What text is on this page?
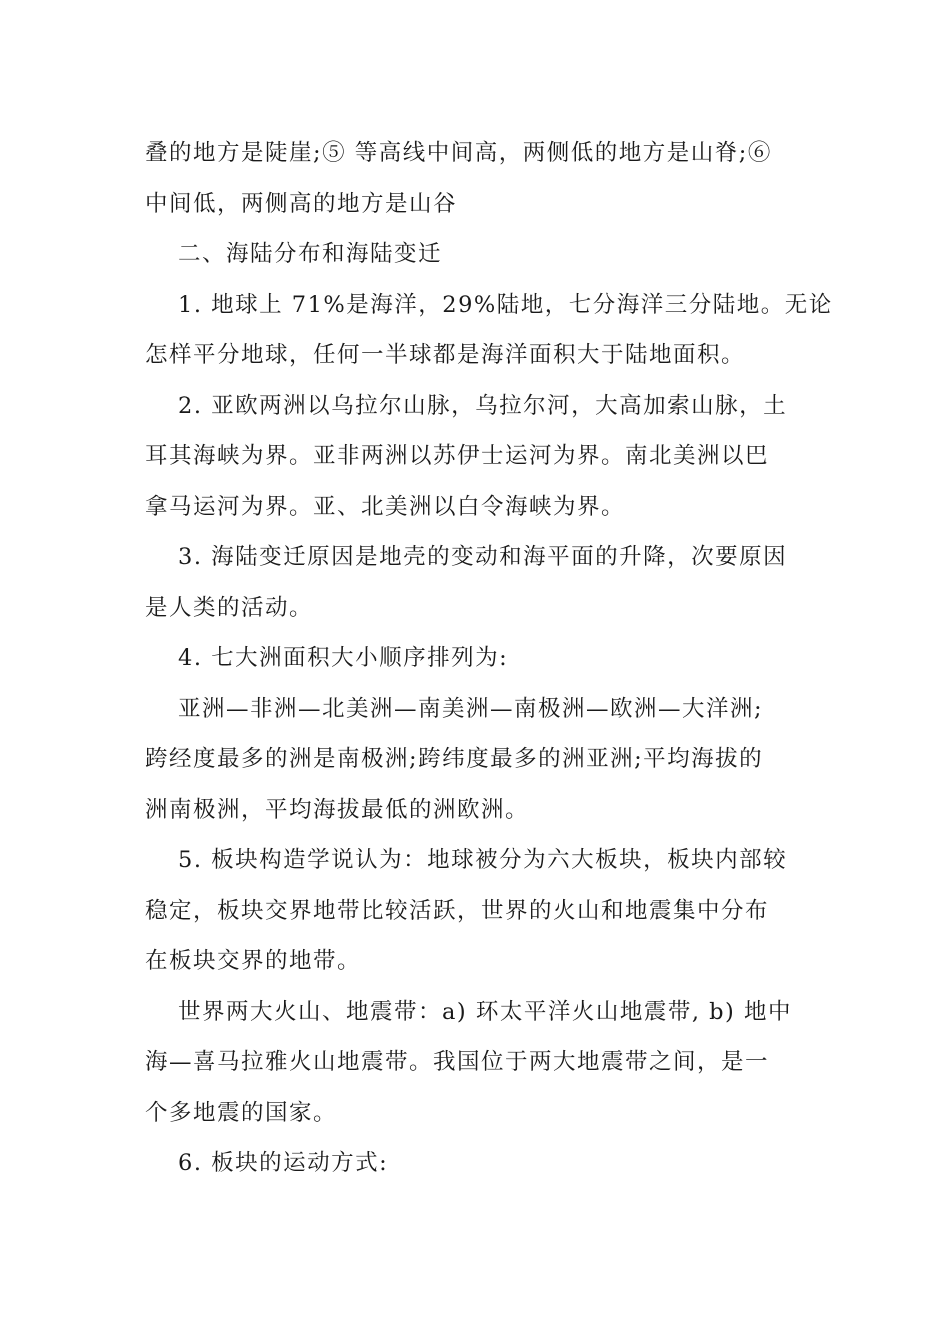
叠的地方是陡崖;⑤ 等高线中间高，两侧低的地方是山脊;⑥

中间低，两侧高的地方是山谷

二、海陆分布和海陆变迁

1. 地球上 71%是海洋，29%陆地，七分海洋三分陆地。无论

怎样平分地球，任何一半球都是海洋面积大于陆地面积。

2. 亚欧两洲以乌拉尔山脉，乌拉尔河，大高加索山脉，土

耳其海峡为界。亚非两洲以苏伊士运河为界。南北美洲以巴

拿马运河为界。亚、北美洲以白令海峡为界。

3. 海陆变迁原因是地壳的变动和海平面的升降，次要原因

是人类的活动。

4. 七大洲面积大小顺序排列为:

亚洲—非洲—北美洲—南美洲—南极洲—欧洲—大洋洲;

跨经度最多的洲是南极洲;跨纬度最多的洲亚洲;平均海拔的

洲南极洲，平均海拔最低的洲欧洲。

5. 板块构造学说认为：地球被分为六大板块，板块内部较

稳定，板块交界地带比较活跃，世界的火山和地震集中分布

在板块交界的地带。

世界两大火山、地震带：a) 环太平洋火山地震带, b) 地中

海—喜马拉雅火山地震带。我国位于两大地震带之间，是一

个多地震的国家。

6. 板块的运动方式:
